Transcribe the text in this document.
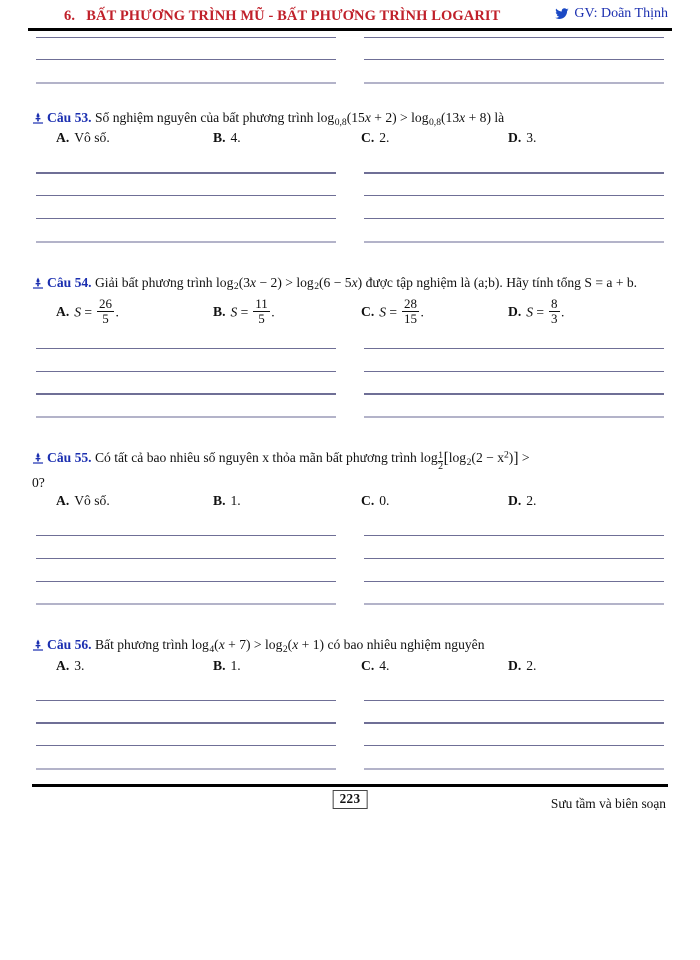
6. BẤT PHƯƠNG TRÌNH MŨ - BẤT PHƯƠNG TRÌNH LOGARIT	GV: Doãn Thịnh
Câu 53. Số nghiệm nguyên của bất phương trình $\log_{0,8}(15x + 2) > \log_{0,8}(13x + 8)$ là
A. Vô số.	B. 4.	C. 2.	D. 3.
Câu 54. Giải bất phương trình $\log_2(3x - 2) > \log_2(6 - 5x)$ được tập nghiệm là (a;b). Hãy tính tổng S = a + b.
A. $S = \frac{26}{5}$ .	B. $S = \frac{11}{5}$ .	C. $S = \frac{28}{15}$ .	D. $S = \frac{8}{3}$ .
Câu 55. Có tất cả bao nhiêu số nguyên x thỏa mãn bất phương trình $\log \frac{1}{2} [\log_2(2 - x^2)]$ >
0?
A. Vô số.	B. 1.	C. 0.	D. 2.
Câu 56. Bất phương trình $\log_4(x + 7) > \log_2(x + 1)$ có bao nhiêu nghiệm nguyên
A. 3.	B. 1.	C. 4.	D. 2.
223	Sưu tầm và biên soạn
